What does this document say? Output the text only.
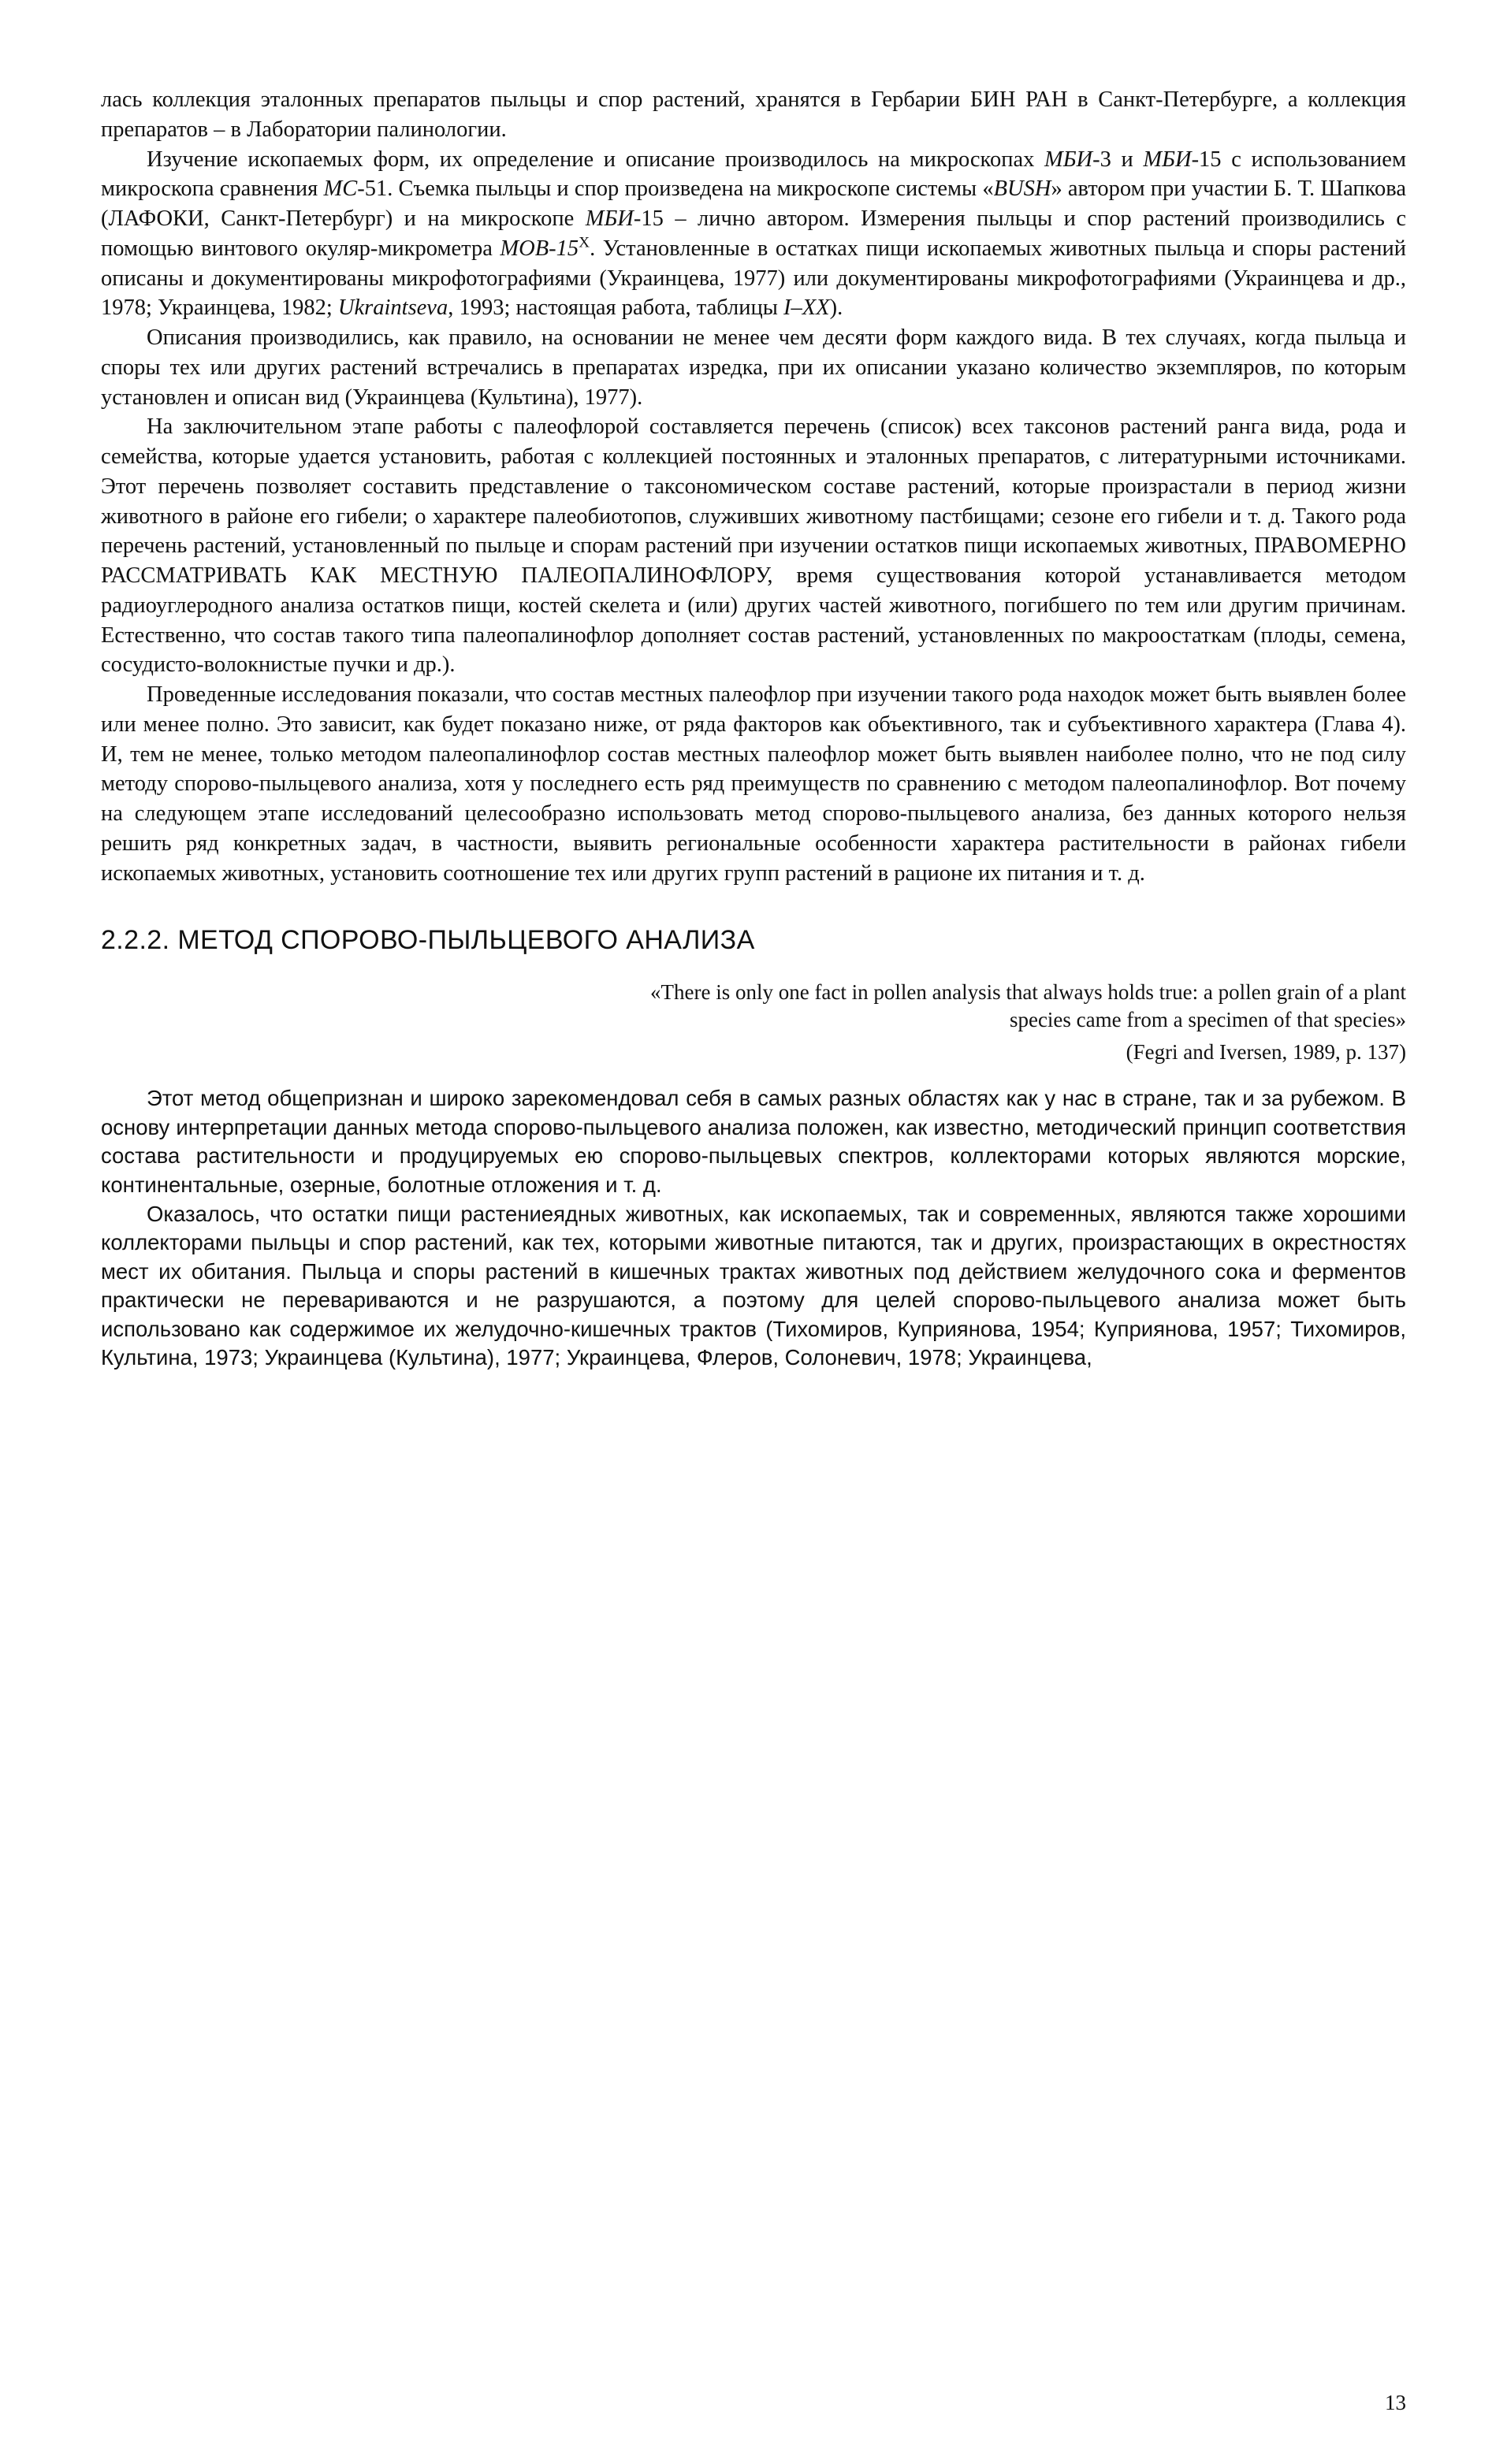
лась коллекция эталонных препаратов пыльцы и спор растений, хранятся в Гербарии БИН РАН в Санкт-Петербурге, а коллекция препаратов – в Лаборатории палинологии.

Изучение ископаемых форм, их определение и описание производилось на микроскопах МБИ-3 и МБИ-15 с использованием микроскопа сравнения МС-51. Съемка пыльцы и спор произведена на микроскопе системы «BUSH» автором при участии Б. Т. Шапкова (ЛАФОКИ, Санкт-Петербург) и на микроскопе МБИ-15 – лично автором. Измерения пыльцы и спор растений производились с помощью винтового окуляр-микрометра МОВ-$15^X$. Установленные в остатках пищи ископаемых животных пыльца и споры растений описаны и документированы микрофотографиями (Украинцева, 1977) или документированы микрофотографиями (Украинцева и др., 1978; Украинцева, 1982; Ukraintseva, 1993; настоящая работа, таблицы I–XX).

Описания производились, как правило, на основании не менее чем десяти форм каждого вида. В тех случаях, когда пыльца и споры тех или других растений встречались в препаратах изредка, при их описании указано количество экземпляров, по которым установлен и описан вид (Украинцева (Культина), 1977).

На заключительном этапе работы с палеофлорой составляется перечень (список) всех таксонов растений ранга вида, рода и семейства, которые удается установить, работая с коллекцией постоянных и эталонных препаратов, с литературными источниками. Этот перечень позволяет составить представление о таксономическом составе растений, которые произрастали в период жизни животного в районе его гибели; о характере палеобиотопов, служивших животному пастбищами; сезоне его гибели и т. д. Такого рода перечень растений, установленный по пыльце и спорам растений при изучении остатков пищи ископаемых животных, ПРАВОМЕРНО РАССМАТРИВАТЬ КАК МЕСТНУЮ ПАЛЕОПАЛИНОФЛОРУ, время существования которой устанавливается методом радиоуглеродного анализа остатков пищи, костей скелета и (или) других частей животного, погибшего по тем или другим причинам. Естественно, что состав такого типа палеопалинофлор дополняет состав растений, установленных по макроостаткам (плоды, семена, сосудисто-волокнистые пучки и др.).

Проведенные исследования показали, что состав местных палеофлор при изучении такого рода находок может быть выявлен более или менее полно. Это зависит, как будет показано ниже, от ряда факторов как объективного, так и субъективного характера (Глава 4). И, тем не менее, только методом палеопалинофлор состав местных палеофлор может быть выявлен наиболее полно, что не под силу методу спорово-пыльцевого анализа, хотя у последнего есть ряд преимуществ по сравнению с методом палеопалинофлор. Вот почему на следующем этапе исследований целесообразно использовать метод спорово-пыльцевого анализа, без данных которого нельзя решить ряд конкретных задач, в частности, выявить региональные особенности характера растительности в районах гибели ископаемых животных, установить соотношение тех или других групп растений в рационе их питания и т. д.

2.2.2. МЕТОД СПОРОВО-ПЫЛЬЦЕВОГО АНАЛИЗА
«There is only one fact in pollen analysis that always holds true: a pollen grain of a plant
species came from a specimen of that species»
(Fegri and Iversen, 1989, p. 137)

Этот метод общепризнан и широко зарекомендовал себя в самых разных областях как у нас в стране, так и за рубежом. В основу интерпретации данных метода спорово-пыльцевого анализа положен, как известно, методический принцип соответствия состава растительности и продуцируемых ею спорово-пыльцевых спектров, коллекторами которых являются морские, континентальные, озерные, болотные отложения и т. д.

Оказалось, что остатки пищи растениеядных животных, как ископаемых, так и современных, являются также хорошими коллекторами пыльцы и спор растений, как тех, которыми животные питаются, так и других, произрастающих в окрестностях мест их обитания. Пыльца и споры растений в кишечных трактах животных под действием желудочного сока и ферментов практически не перевариваются и не разрушаются, а поэтому для целей спорово-пыльцевого анализа может быть использовано как содержимое их желудочно-кишечных трактов (Тихомиров, Куприянова, 1954; Куприянова, 1957; Тихомиров, Культина, 1973; Украинцева (Культина), 1977; Украинцева, Флеров, Солоневич, 1978; Украинцева,

13
